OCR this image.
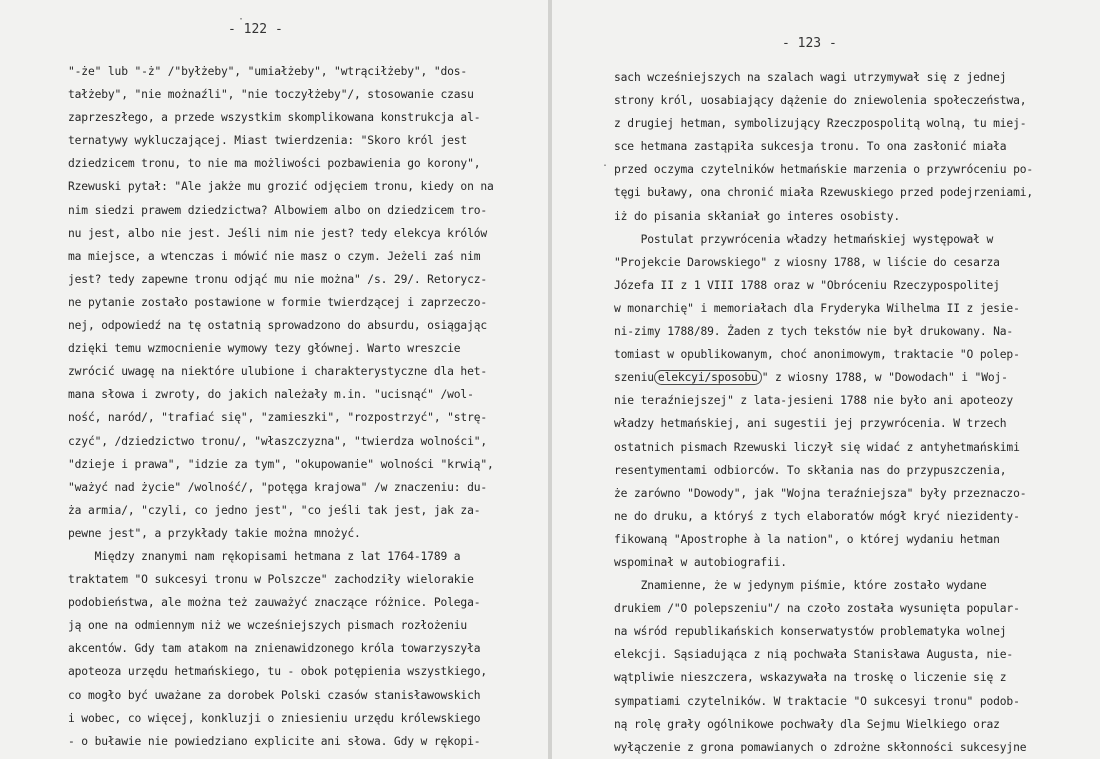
- 122 -
"-że" lub "-ż" /"byłżeby", "umiałżeby", "wtrąciłżeby", "dos-
tałżeby", "nie możnaźli", "nie toczyłżeby"/, stosowanie czasu
zaprzeszłego, a przede wszystkim skomplikowana konstrukcja al-
ternatywy wykluczającej. Miast twierdzenia: "Skoro król jest
dziedzicem tronu, to nie ma możliwości pozbawienia go korony",
Rzewuski pytał: "Ale jakże mu grozić odjęciem tronu, kiedy on na
nim siedzi prawem dziedzictwa? Albowiem albo on dziedzicem tro-
nu jest, albo nie jest. Jeśli nim nie jest? tedy elekcya królów
ma miejsce, a wtenczas i mówić nie masz o czym. Jeżeli zaś nim
jest? tedy zapewne tronu odjąć mu nie można" /s. 29/. Retorycz-
ne pytanie zostało postawione w formie twierdzącej i zaprzeczo-
nej, odpowiedź na tę ostatnią sprowadzono do absurdu, osiągając
dzięki temu wzmocnienie wymowy tezy głównej. Warto wreszcie
zwrócić uwagę na niektóre ulubione i charakterystyczne dla het-
mana słowa i zwroty, do jakich należały m.in. "ucisnąć" /wol-
ność, naród/, "trafiać się", "zamieszki", "rozpostrzyć", "strę-
czyć", /dziedzictwo tronu/, "właszczyzna", "twierdza wolności",
"dzieje i prawa", "idzie za tym", "okupowanie" wolności "krwią",
"ważyć nad życie" /wolność/, "potęga krajowa" /w znaczeniu: du-
ża armia/, "czyli, co jedno jest", "co jeśli tak jest, jak za-
pewne jest", a przykłady takie można mnożyć.
Między znanymi nam rękopisami hetmana z lat 1764-1789 a
traktatem "O sukcesyi tronu w Polszcze" zachodziły wielorakie
podobieństwa, ale można też zauważyć znaczące różnice. Polega-
ją one na odmiennym niż we wcześniejszych pismach rozłożeniu
akcentów. Gdy tam atakom na znienawidzonego króla towarzyszyła
apoteoza urzędu hetmańskiego, tu - obok potępienia wszystkiego,
co mogło być uważane za dorobek Polski czasów stanisławowskich
i wobec, co więcej, konkluzji o zniesieniu urzędu królewskiego
- o buławie nie powiedziano explicite ani słowa. Gdy w rękopi-
·
- 123 -
sach wcześniejszych na szalach wagi utrzymywał się z jednej
strony król, uosabiający dążenie do zniewolenia społeczeństwa,
z drugiej hetman, symbolizujący Rzeczpospolitą wolną, tu miej-
sce hetmana zastąpiła sukcesja tronu. To ona zasłonić miała
przed oczyma czytelników hetmańskie marzenia o przywróceniu po-
tęgi buławy, ona chronić miała Rzewuskiego przed podejrzeniami,
iż do pisania skłaniał go interes osobisty.
Postulat przywrócenia władzy hetmańskiej występował w
"Projekcie Darowskiego" z wiosny 1788, w liście do cesarza
Józefa II z 1 VIII 1788 oraz w "Obróceniu Rzeczypospolitej
w monarchię" i memoriałach dla Fryderyka Wilhelma II z jesie-
ni-zimy 1788/89. Żaden z tych tekstów nie był drukowany. Na-
tomiast w opublikowanym, choć anonimowym, traktacie "O polep-
szeniu elekcyi/sposobu " z wiosny 1788, w "Dowodach" i "Woj-
nie teraźniejszej" z lata-jesieni 1788 nie było ani apoteozy
władzy hetmańskiej, ani sugestii jej przywrócenia. W trzech
ostatnich pismach Rzewuski liczył się widać z antyhetmańskimi
resentymentami odbiorców. To skłania nas do przypuszczenia,
że zarówno "Dowody", jak "Wojna teraźniejsza" były przeznaczo-
ne do druku, a któryś z tych elaboratów mógł kryć niezidenty-
fikowaną "Apostrophe à la nation", o której wydaniu hetman
wspominał w autobiografii.
Znamienne, że w jedynym piśmie, które zostało wydane
drukiem /"O polepszeniu"/ na czoło została wysunięta popular-
na wśród republikańskich konserwatystów problematyka wolnej
elekcji. Sąsiadująca z nią pochwała Stanisława Augusta, nie-
wątpliwie nieszczera, wskazywała na troskę o liczenie się z
sympatiami czytelników. W traktacie "O sukcesyi tronu" podob-
ną rolę grały ogólnikowe pochwały dla Sejmu Wielkiego oraz
wyłączenie z grona pomawianych o zdrożne skłonności sukcesyjne
.
